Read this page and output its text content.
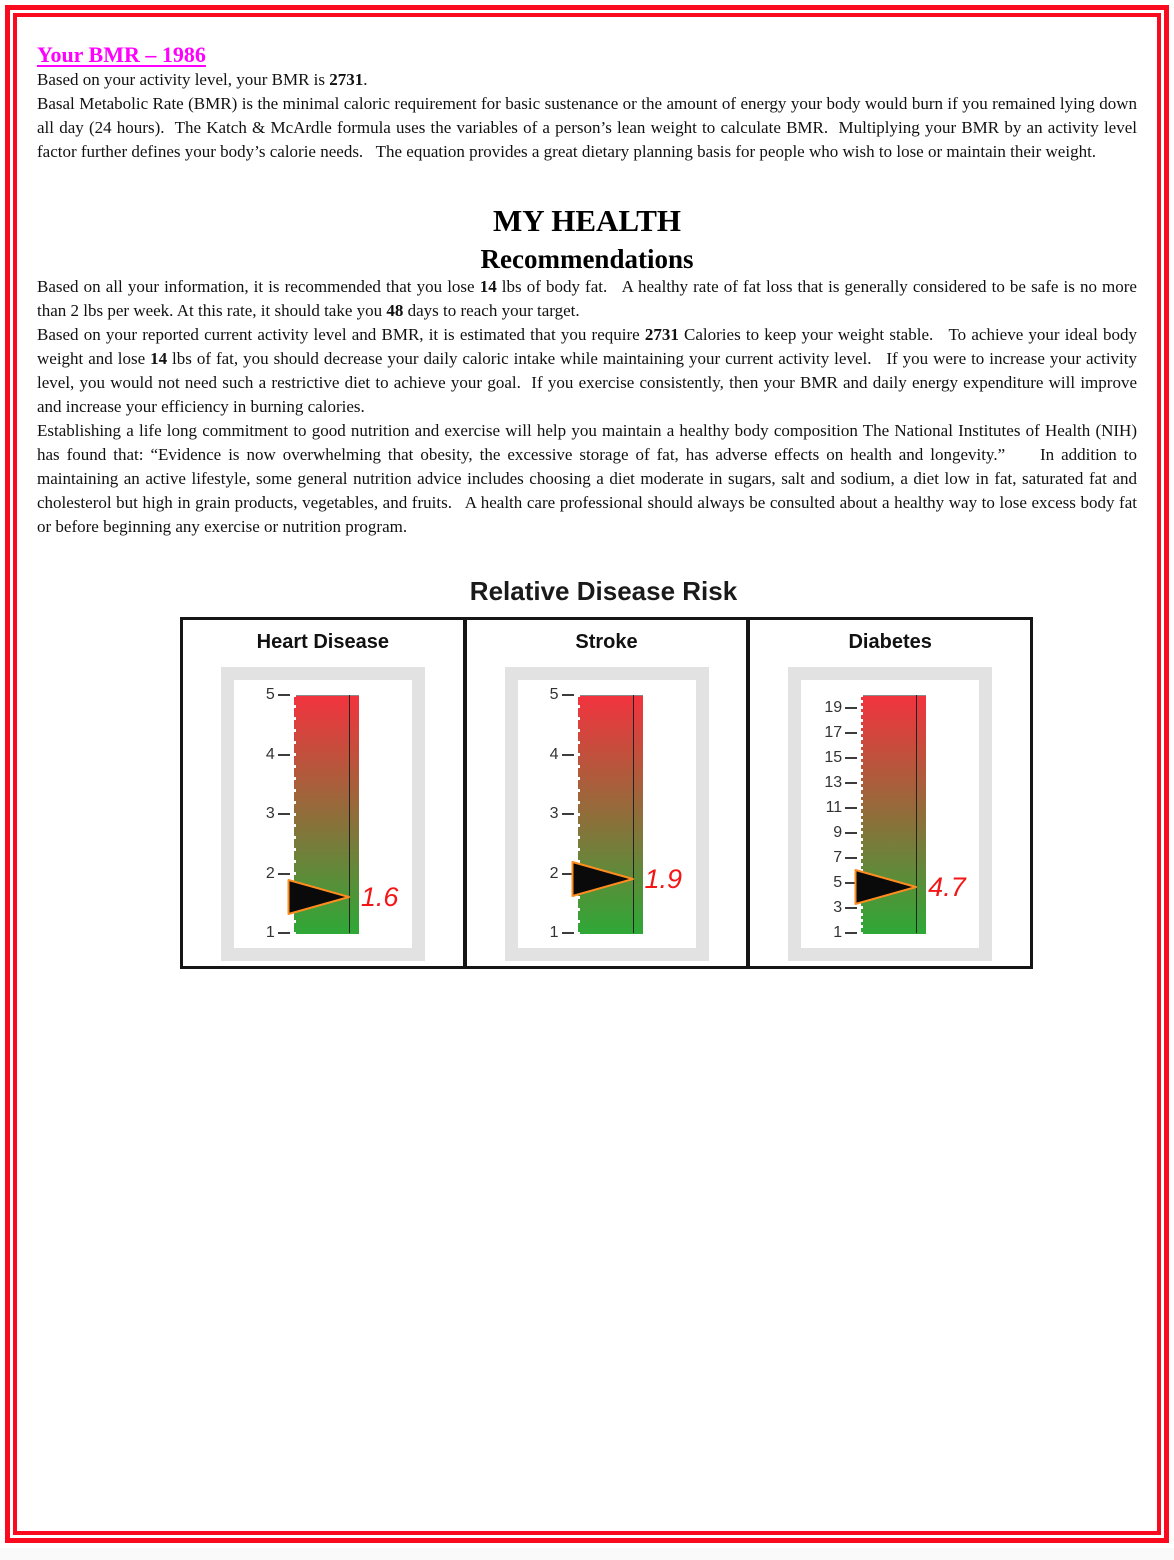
Your BMR – 1986

Based on your activity level, your BMR is 2731.

Basal Metabolic Rate (BMR) is the minimal caloric requirement for basic sustenance or the amount of energy your body would burn if you remained lying down all day (24 hours).  The Katch & McArdle formula uses the variables of a person’s lean weight to calculate BMR.  Multiplying your BMR by an activity level factor further defines your body’s calorie needs.   The equation provides a great dietary planning basis for people who wish to lose or maintain their weight.

MY HEALTH
Recommendations

Based on all your information, it is recommended that you lose 14 lbs of body fat.   A healthy rate of fat loss that is generally considered to be safe is no more than 2 lbs per week. At this rate, it should take you 48 days to reach your target.

Based on your reported current activity level and BMR, it is estimated that you require 2731 Calories to keep your weight stable.   To achieve your ideal body weight and lose 14 lbs of fat, you should decrease your daily caloric intake while maintaining your current activity level.   If you were to increase your activity level, you would not need such a restrictive diet to achieve your goal.  If you exercise consistently, then your BMR and daily energy expenditure will improve and increase your efficiency in burning calories.

Establishing a life long commitment to good nutrition and exercise will help you maintain a healthy body composition The National Institutes of Health (NIH) has found that: “Evidence is now overwhelming that obesity, the excessive storage of fat, has adverse effects on health and longevity.”     In addition to maintaining an active lifestyle, some general nutrition advice includes choosing a diet moderate in sugars, salt and sodium, a diet low in fat, saturated fat and cholesterol but high in grain products, vegetables, and fruits.   A health care professional should always be consulted about a healthy way to lose excess body fat or before beginning any exercise or nutrition program.

Relative Disease Risk
Heart Disease
1
2
3
4
5
1.6
Stroke
1
2
3
4
5
1.9
Diabetes
1
3
5
7
9
11
13
15
17
19
4.7
